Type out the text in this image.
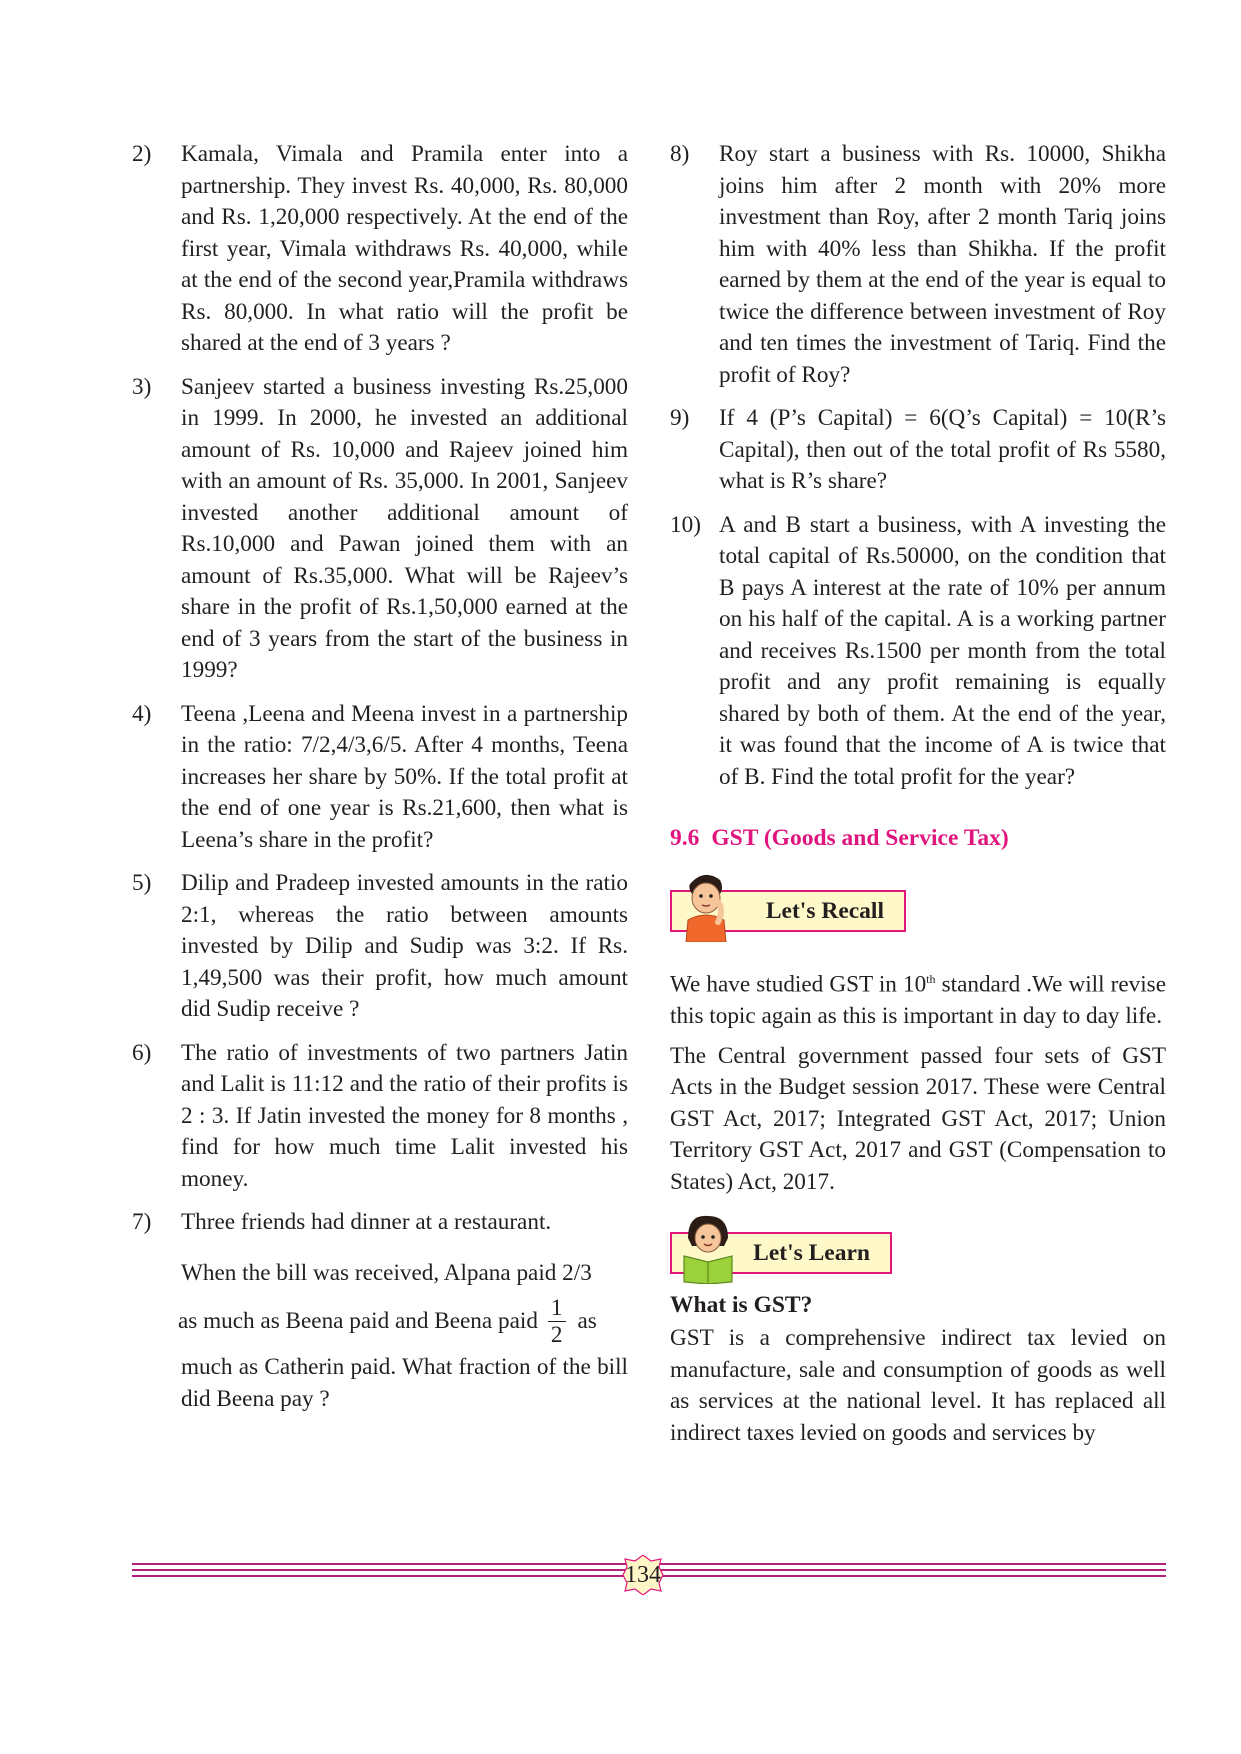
2)	Kamala, Vimala and Pramila enter into a partnership. They invest Rs. 40,000, Rs. 80,000 and Rs. 1,20,000 respectively. At the end of the first year, Vimala withdraws Rs. 40,000, while at the end of the second year,Pramila withdraws Rs. 80,000. In what ratio will the profit be shared at the end of 3 years ?
3)	Sanjeev started a business investing Rs.25,000 in 1999. In 2000, he invested an additional amount of Rs. 10,000 and Rajeev joined him with an amount of Rs. 35,000. In 2001, Sanjeev invested another additional amount of Rs.10,000 and Pawan joined them with an amount of Rs.35,000. What will be Rajeev’s share in the profit of Rs.1,50,000 earned at the end of 3 years from the start of the business in 1999?
4)	Teena ,Leena and Meena invest in a partnership in the ratio: 7/2,4/3,6/5. After 4 months, Teena increases her share by 50%. If the total profit at the end of one year is Rs.21,600, then what is Leena’s share in the profit?
5)	Dilip and Pradeep invested amounts in the ratio 2:1, whereas the ratio between amounts invested by Dilip and Sudip was 3:2. If Rs. 1,49,500 was their profit, how much amount did Sudip receive ?
6)	The ratio of investments of two partners Jatin and Lalit is 11:12 and the ratio of their profits is 2 : 3. If Jatin invested the money for 8 months , find for how much time Lalit invested his money.
7)	Three friends had dinner at a restaurant.

When the bill was received, Alpana paid 2/3

as much as Beena paid and Beena paid $\frac{1}{2}$ as

much as Catherin paid. What fraction of the bill did Beena pay ?

8)	Roy start a business with Rs. 10000, Shikha joins him after 2 month with 20% more investment than Roy, after 2 month Tariq joins him with 40% less than Shikha. If the profit earned by them at the end of the year is equal to twice the difference between investment of Roy and ten times the investment of Tariq. Find the profit of Roy?
9)	If 4 (P’s Capital) = 6(Q’s Capital) = 10(R’s Capital), then out of the total profit of Rs 5580, what is R’s share?
10) A and B start a business, with A investing the total capital of Rs.50000, on the condition that B pays A interest at the rate of 10% per annum on his half of the capital. A is a working partner and receives Rs.1500 per month from the total profit and any profit remaining is equally shared by both of them. At the end of the year, it was found that the income of A is twice that of B. Find the total profit for the year?
9.6 GST (Goods and Service Tax)
Let's Recall

We have studied GST in 10th standard .We will revise this topic again as this is important in day to day life.

The Central government passed four sets of GST Acts in the Budget session 2017. These were Central GST Act, 2017; Integrated GST Act, 2017; Union Territory GST Act, 2017 and GST (Compensation to States) Act, 2017.

Let's Learn
What is GST?

GST is a comprehensive indirect tax levied on manufacture, sale and consumption of goods as well as services at the national level. It has replaced all indirect taxes levied on goods and services by

134
